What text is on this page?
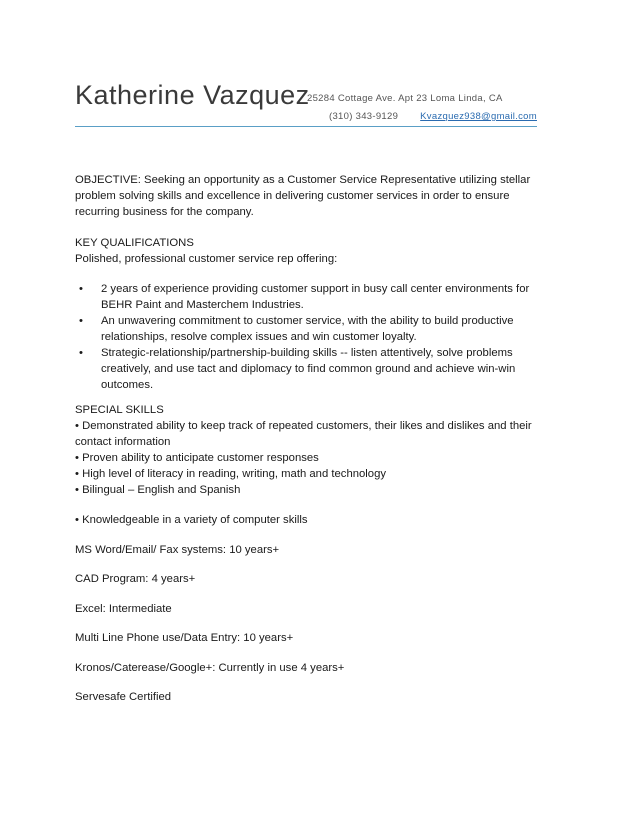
Katherine Vazquez
25284 Cottage Ave. Apt 23 Loma Linda, CA
(310) 343-9129 Kvazquez938@gmail.com
OBJECTIVE: Seeking an opportunity as a Customer Service Representative utilizing stellar problem solving skills and excellence in delivering customer services in order to ensure recurring business for the company.
KEY QUALIFICATIONS
Polished, professional customer service rep offering:
• 2 years of experience providing customer support in busy call center environments for BEHR Paint and Masterchem Industries.
• An unwavering commitment to customer service, with the ability to build productive relationships, resolve complex issues and win customer loyalty.
• Strategic-relationship/partnership-building skills -- listen attentively, solve problems creatively, and use tact and diplomacy to find common ground and achieve win-win outcomes.
SPECIAL SKILLS
• Demonstrated ability to keep track of repeated customers, their likes and dislikes and their contact information
• Proven ability to anticipate customer responses
• High level of literacy in reading, writing, math and technology
• Bilingual – English and Spanish
• Knowledgeable in a variety of computer skills
MS Word/Email/ Fax systems: 10 years+
CAD Program: 4 years+
Excel: Intermediate
Multi Line Phone use/Data Entry: 10 years+
Kronos/Caterease/Google+: Currently in use 4 years+
Servesafe Certified
